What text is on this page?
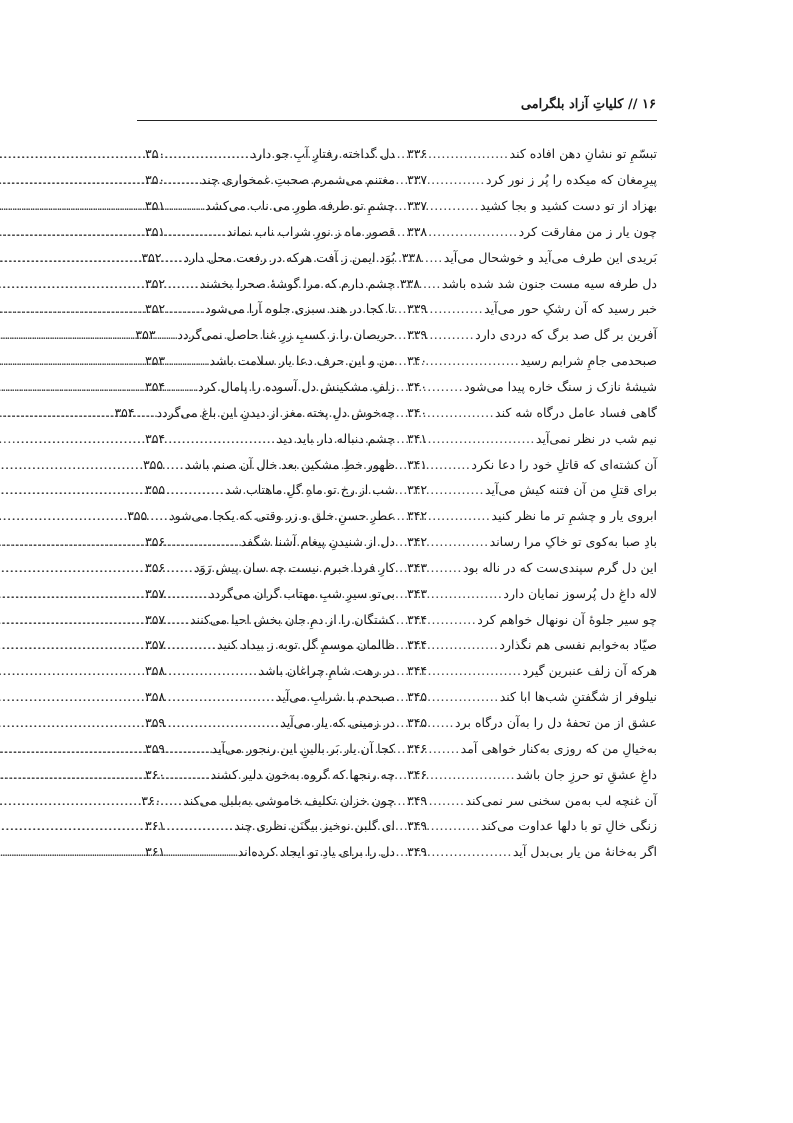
۱۶ // کلیاتِ آزاد بلگرامی
تبسّمِ تو نشانِ دهن افاده کند
.....
۳۳۶
پیرِمغان که میکده را پُر ز نور کرد
.....
۳۳۷
بهزاد از تو دست کشید و بجا کشید
.....
۳۳۷
چون یار ز من مفارقت کرد
.....
۳۳۸
بَریدی این طرف می‌آید و خوشحال می‌آید
.....
۳۳۸
دل طرفه سیه مست جنون شد شده باشد
.....
۳۳۸
خبر رسید که آن رشکِ حور می‌آید
.....
۳۳۹
آفرین بر گل صد برگ که دردی دارد
.....
۳۳۹
صبحدمی جامِ شرابم رسید
.....
۳۴۰
شیشۀ نازک ز سنگ خاره پیدا می‌شود
.....
۳۴۰
گاهی فساد عامل درگاه شه کند
.....
۳۴۰
نیم شب در نظر نمی‌آید
.....
۳۴۱
آن کشته‌ای که قاتلِ خود را دعا نکرد
.....
۳۴۱
برای قتلِ من آن فتنه کیش می‌آید
.....
۳۴۲
ابروی یار و چشمِ تر ما نظر کنید
.....
۳۴۲
بادِ صبا به‌کوی تو خاکِ مرا رساند
.....
۳۴۲
این دل گرم سپندی‌ست که در ناله بود
.....
۳۴۳
لاله داغِ دل پُرسوز نمایان دارد
.....
۳۴۳
چو سیر جلوۀ آن نونهال خواهم کرد
.....
۳۴۴
صیّاد به‌خوابم نفسی هم نگذارد
.....
۳۴۴
هرکه آن زلف عنبرین گیرد
.....
۳۴۴
نیلوفر از شگفتنِ شب‌ها ابا کند
.....
۳۴۵
عشق از من تحفۀ دل را به‌آن درگاه برد
.....
۳۴۵
به‌خیالِ من که روزی به‌کنار خواهی آمد
.....
۳۴۶
داغِ عشقِ تو حرزِ جان باشد
.....
۳۴۶
آن غنچه لب به‌من سخنی سر نمی‌کند
.....
۳۴۹
زنگی خالِ تو با دلها عداوت می‌کند
.....
۳۴۹
اگر به‌خانۀ من یار بی‌بدل آید
.....
۳۴۹
دل گداخته رفتارِ آبِ جو دارد
.....
۳۵۰
مغتنم می‌شمرم صحبتِ غمخواری چند
.....
۳۵۰
چشمِ تو طرفه طورِ می ناب می‌کشد
.....
۳۵۱
قصور ماه ز نورِ شراب ناب نماند
.....
۳۵۱
بُوَد ایمن ز آفت هرکه در رفعت محل دارد
.....
۳۵۲
چشم دارم که مرا گوشۀ صحرا بخشند
.....
۳۵۲
تا کجا در هند سبزی جلوه آرا می‌شود
.....
۳۵۲
حریصان را ز کسبِ زرِ غنا حاصل نمی‌گردد
.....
۳۵۳
من و این حرف دعا یار سلامت باشد
.....
۳۵۳
زلفِ مشکینش دل آسوده را پامال کرد
.....
۳۵۴
چه‌خوش دلِ پخته مغز از دیدنِ این باغ می‌گردد
.....
۳۵۴
چشم دنباله دار باید دید
.....
۳۵۴
ظهور خطِ مشکین بعد خال آن صنم باشد
.....
۳۵۵
شب از رخ تو ماهِ گلِ ماهتاب شد
.....
۳۵۵
عطرِ حسنِ خلق و زر وقتی که یکجا می‌شود
.....
۳۵۵
دل از شنیدنِ پیغام آشنا شگفد
.....
۳۵۶
کارِ فردا خبرم نیست چه سان پیش رَوَد
.....
۳۵۶
بی‌تو سیرِ شبِ مهتاب گران می‌گردد
.....
۳۵۷
کشتگان را از دمِ جان بخش احیا می‌کنند
.....
۳۵۷
ظالمان موسمِ گل توبه ز بیداد کنید
.....
۳۵۷
در رهت شامِ چراغان باشد
.....
۳۵۸
صبحدم با شرابِ می‌آید
.....
۳۵۸
در زمینی که یار می‌آید
.....
۳۵۹
کجا آن یار بَر بالینِ این رنجور می‌آید
.....
۳۵۹
چه رنجها که گروه به‌خون دلیر کشند
.....
۳۶۰
چون خزان تکلیف خاموشی به‌بلبل می‌کند
.....
۳۶۰
ای گلبن نوخیز بیگنَن نظری چند
.....
۳۶۱
دل را برای یادِ تو ایجاد کرده‌اند
.....
۳۶۱
